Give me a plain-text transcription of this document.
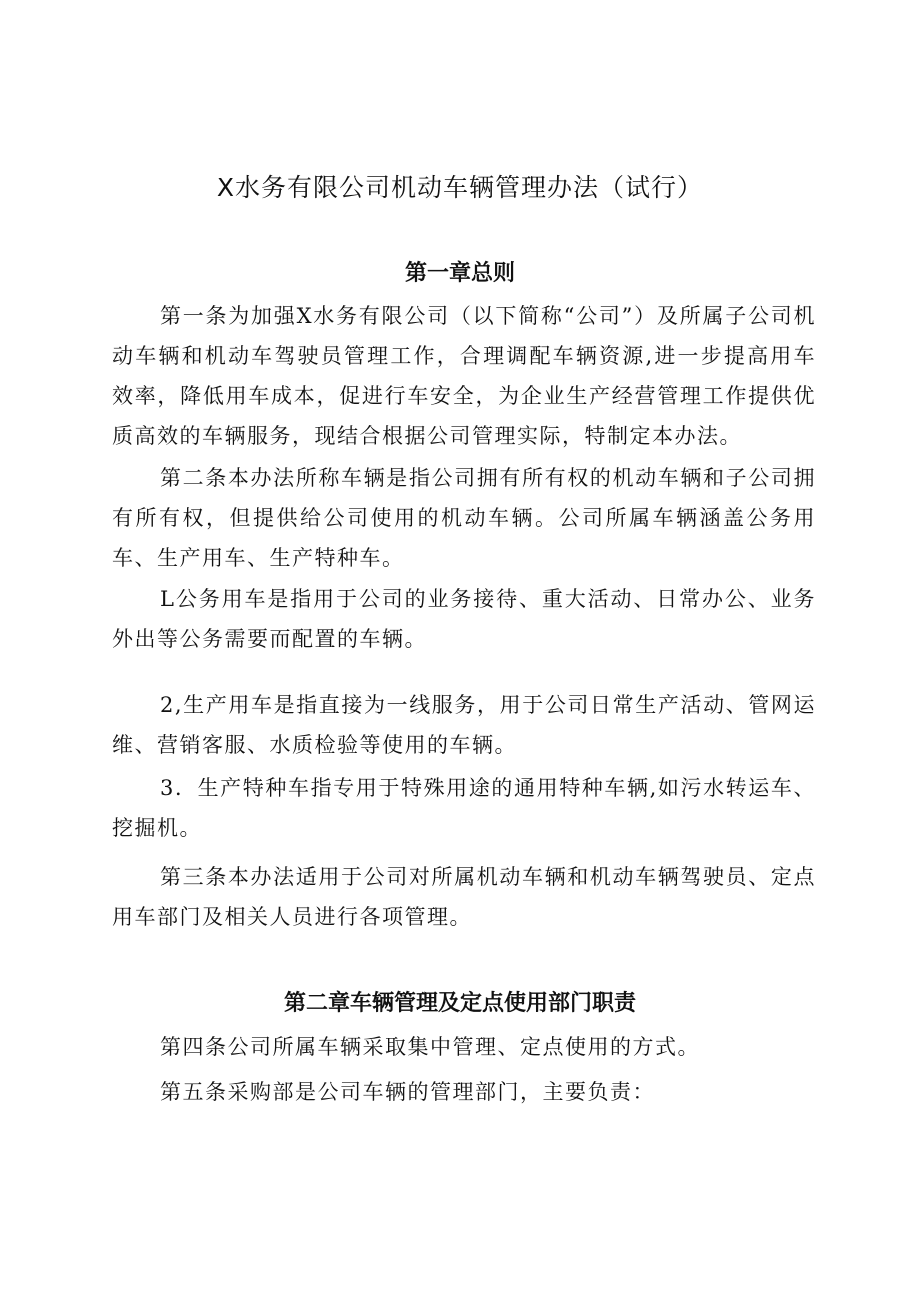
X水务有限公司机动车辆管理办法（试行）
第一章总则

第一条为加强X水务有限公司（以下简称“公司”）及所属子公司机动车辆和机动车驾驶员管理工作，合理调配车辆资源,进一步提高用车效率，降低用车成本，促进行车安全，为企业生产经营管理工作提供优质高效的车辆服务，现结合根据公司管理实际，特制定本办法。

第二条本办法所称车辆是指公司拥有所有权的机动车辆和子公司拥有所有权，但提供给公司使用的机动车辆。公司所属车辆涵盖公务用车、生产用车、生产特种车。

L公务用车是指用于公司的业务接待、重大活动、日常办公、业务外出等公务需要而配置的车辆。

2,生产用车是指直接为一线服务，用于公司日常生产活动、管网运维、营销客服、水质检验等使用的车辆。

3．生产特种车指专用于特殊用途的通用特种车辆,如污水转运车、挖掘机。

第三条本办法适用于公司对所属机动车辆和机动车辆驾驶员、定点用车部门及相关人员进行各项管理。

第二章车辆管理及定点使用部门职责

第四条公司所属车辆采取集中管理、定点使用的方式。

第五条采购部是公司车辆的管理部门，主要负责：
